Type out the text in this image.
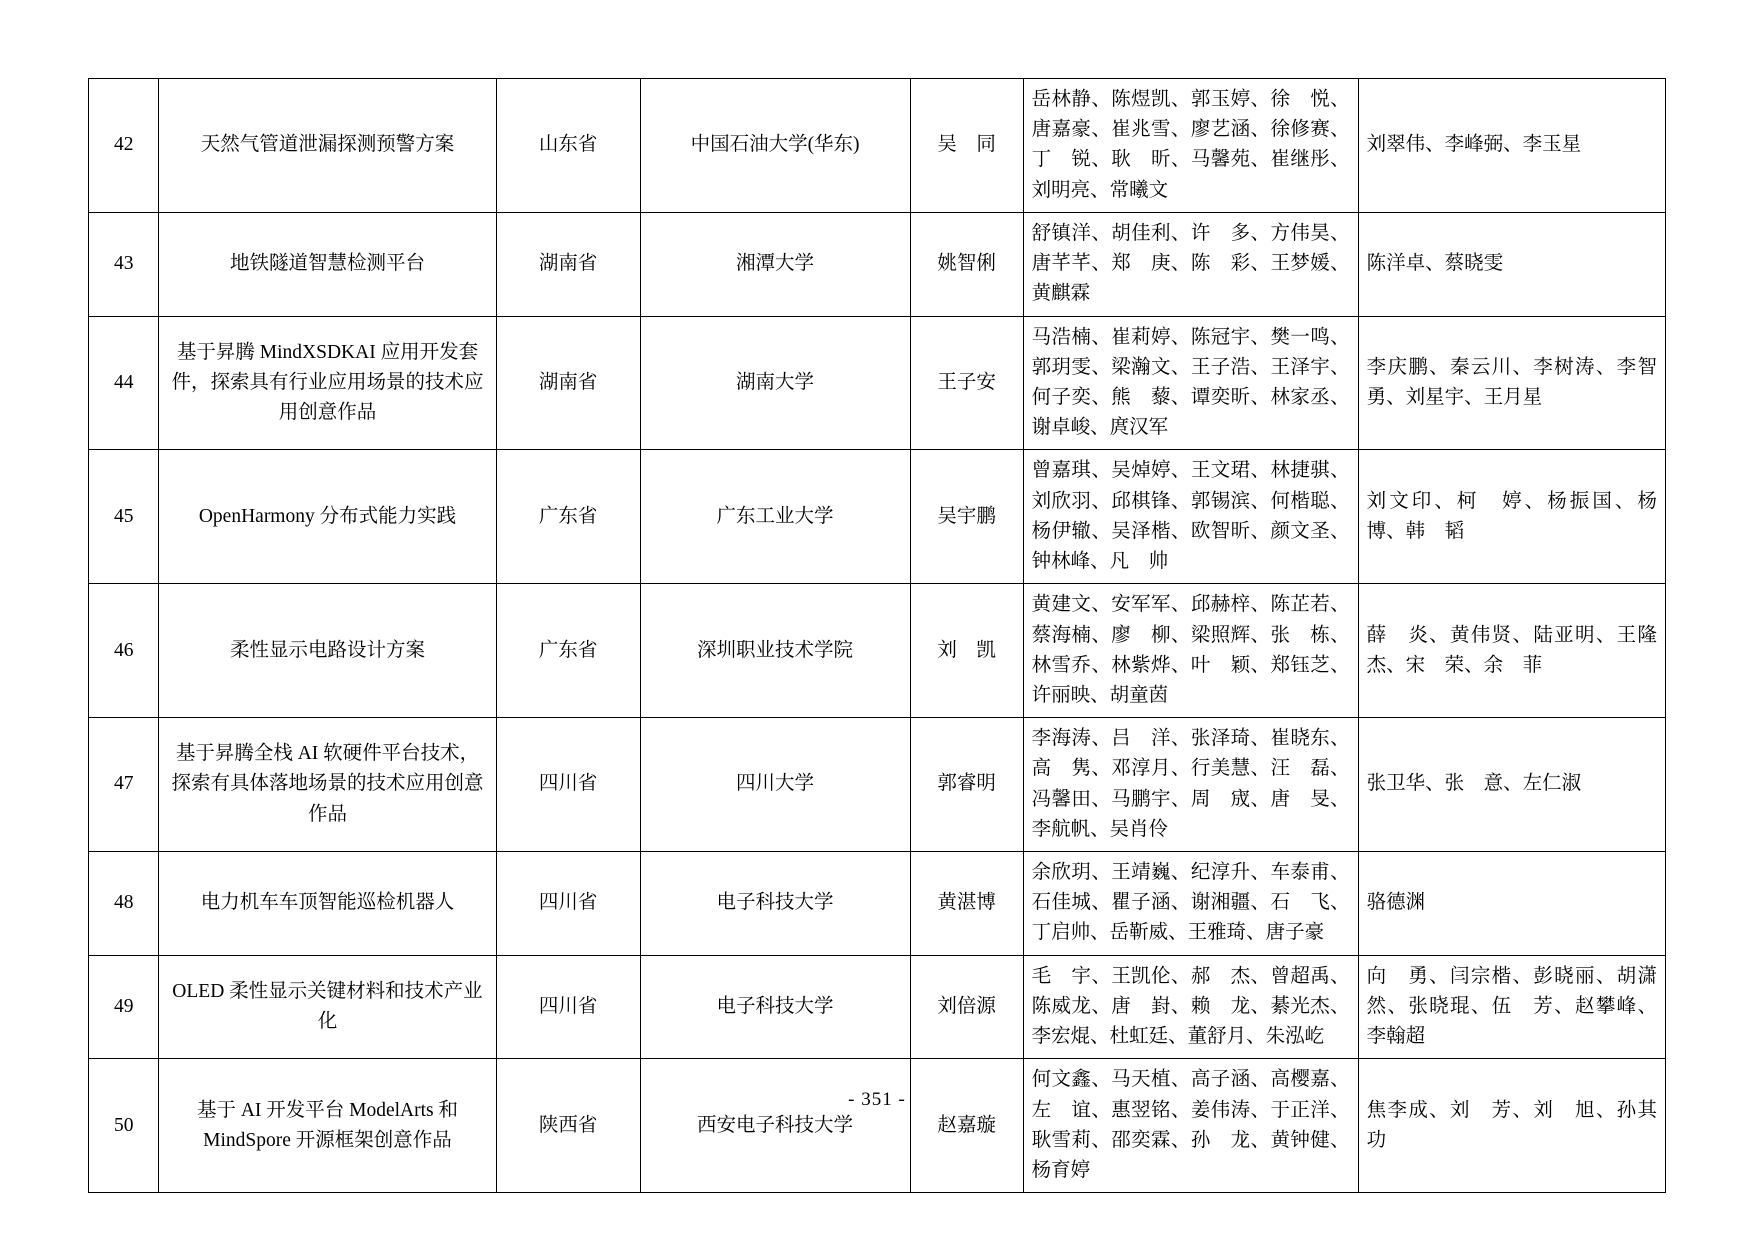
42	天然气管道泄漏探测预警方案	山东省	中国石油大学(华东)	吴　同	岳林静、陈煜凯、郭玉婷、徐　悦、唐嘉豪、崔兆雪、廖艺涵、徐修赛、丁　锐、耿　昕、马馨苑、崔继彤、刘明亮、常曦文	刘翠伟、李峰弼、李玉星
43	地铁隧道智慧检测平台	湖南省	湘潭大学	姚智俐	舒镇洋、胡佳利、许　多、方伟昊、唐芊芊、郑　庚、陈　彩、王梦媛、黄麒霖	陈洋卓、蔡晓雯
44	基于昇腾 MindXSDKAI 应用开发套件，探索具有行业应用场景的技术应用创意作品	湖南省	湖南大学	王子安	马浩楠、崔莉婷、陈冠宇、樊一鸣、郭玥雯、梁瀚文、王子浩、王泽宇、何子奕、熊　藜、谭奕昕、林家丞、谢卓峻、庹汉军	李庆鹏、秦云川、李树涛、李智勇、刘星宇、王月星
45	OpenHarmony 分布式能力实践	广东省	广东工业大学	吴宇鹏	曾嘉琪、吴焯婷、王文珺、林捷骐、刘欣羽、邱棋锋、郭锡滨、何楷聪、杨伊辙、吴泽楷、欧智昕、颜文圣、钟林峰、凡　帅	刘文印、柯　婷、杨振国、杨　博、韩　韬
46	柔性显示电路设计方案	广东省	深圳职业技术学院	刘　凯	黄建文、安军军、邱赫梓、陈芷若、蔡海楠、廖　柳、梁照辉、张　栋、林雪乔、林紫烨、叶　颖、郑钰芝、许丽映、胡童茵	薛　炎、黄伟贤、陆亚明、王隆杰、宋　荣、余　菲
47	基于昇腾全栈 AI 软硬件平台技术，探索有具体落地场景的技术应用创意作品	四川省	四川大学	郭睿明	李海涛、吕　洋、张泽琦、崔晓东、高　隽、邓淳月、行美慧、汪　磊、冯馨田、马鹏宇、周　宬、唐　旻、李航帆、吴肖伶	张卫华、张　意、左仁淑
48	电力机车车顶智能巡检机器人	四川省	电子科技大学	黄湛博	余欣玥、王靖巍、纪淳升、车泰甫、石佳城、瞿子涵、谢湘疆、石　飞、丁启帅、岳靳威、王雅琦、唐子豪	骆德渊
49	OLED 柔性显示关键材料和技术产业化	四川省	电子科技大学	刘倍源	毛　宇、王凯伦、郝　杰、曾超禹、陈威龙、唐　崶、赖　龙、綦光杰、李宏焜、杜虹廷、董舒月、朱泓屹	向　勇、闫宗楷、彭晓丽、胡潇然、张晓琨、伍　芳、赵攀峰、李翰超
50	基于 AI 开发平台 ModelArts 和 MindSpore 开源框架创意作品	陕西省	西安电子科技大学	赵嘉璇	何文鑫、马天植、高子涵、高樱嘉、左　谊、惠翌铭、姜伟涛、于正洋、耿雪莉、邵奕霖、孙　龙、黄钟健、杨育婷	焦李成、刘　芳、刘　旭、孙其功
- 351 -
